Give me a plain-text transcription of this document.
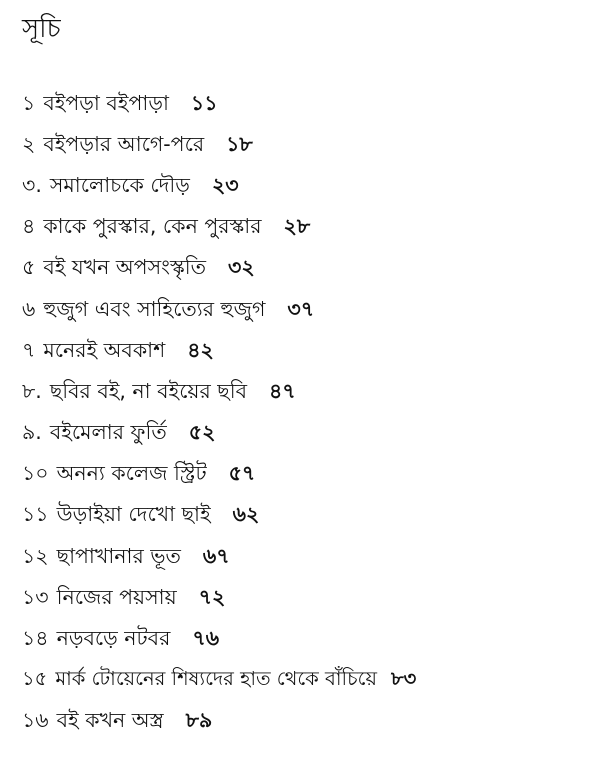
সূচি
১ বইপড়া বইপাড়া ১১
২ বইপড়ার আগে-পরে ১৮
৩. সমালোচকে দৌড় ২৩
৪ কাকে পুরস্কার, কেন পুরস্কার ২৮
৫ বই যখন অপসংস্কৃতি ৩২
৬ হুজুগ এবং সাহিত্যের হুজুগ ৩৭
৭ মনেরই অবকাশ ৪২
৮. ছবির বই, না বইয়ের ছবি ৪৭
৯. বইমেলার ফুর্তি ৫২
১০ অনন্য কলেজ স্ট্রিট ৫৭
১১ উড়াইয়া দেখো ছাই ৬২
১২ ছাপাখানার ভূত ৬৭
১৩ নিজের পয়সায় ৭২
১৪ নড়বড়ে নটবর ৭৬
১৫ মার্ক টোয়েনের শিষ্যদের হাত থেকে বাঁচিয়ে ৮৩
১৬ বই কখন অস্ত্র ৮৯
